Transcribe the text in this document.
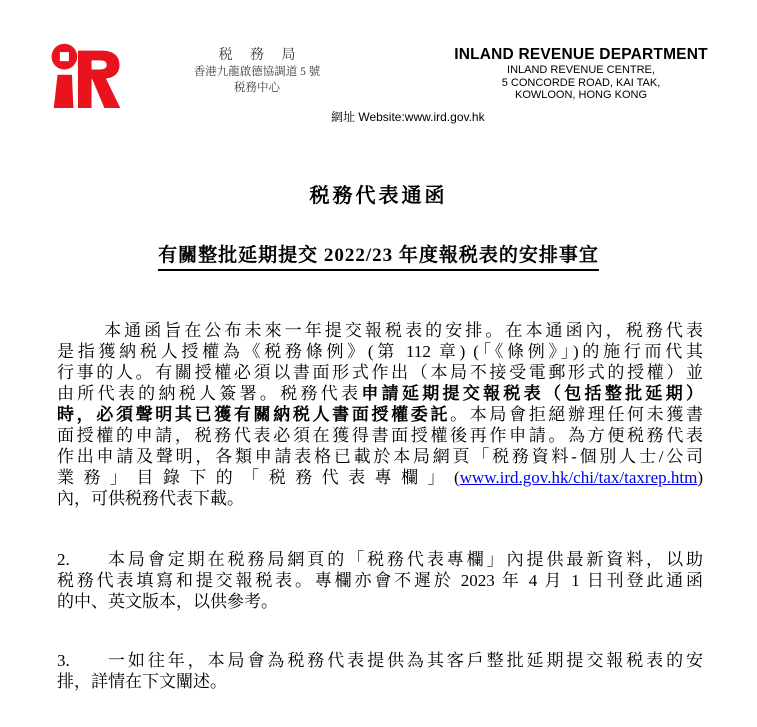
税 務 局
香港九龍啟德協調道 5 號
税務中心
INLAND REVENUE DEPARTMENT
INLAND REVENUE CENTRE,
5 CONCORDE ROAD, KAI TAK,
KOWLOON, HONG KONG
網址 Website:www.ird.gov.hk
税務代表通函
有關整批延期提交 2022/23 年度報税表的安排事宜
本通函旨在公布未來一年提交報税表的安排。在本通函內，税務代表
是指獲納税人授權為《税務條例》(第 112 章) (「《條例》」)的施行而代其
行事的人。有關授權必須以書面形式作出（本局不接受電郵形式的授權）並
由所代表的納税人簽署。税務代表申請延期提交報税表（包括整批延期）
時，必須聲明其已獲有關納税人書面授權委託。本局會拒絕辦理任何未獲書
面授權的申請，税務代表必須在獲得書面授權後再作申請。為方便税務代表
作出申請及聲明，各類申請表格已載於本局網頁「税務資料-個別人士/公司
業務」目錄下的「税務代表專欄」(www.ird.gov.hk/chi/tax/taxrep.htm)
內，可供税務代表下載。
2. 本局會定期在税務局網頁的「税務代表專欄」內提供最新資料，以助
税務代表填寫和提交報税表。專欄亦會不遲於 2023 年 4 月 1 日刊登此通函
的中、英文版本，以供參考。
3. 一如往年，本局會為税務代表提供為其客戶整批延期提交報税表的安
排，詳情在下文闡述。
